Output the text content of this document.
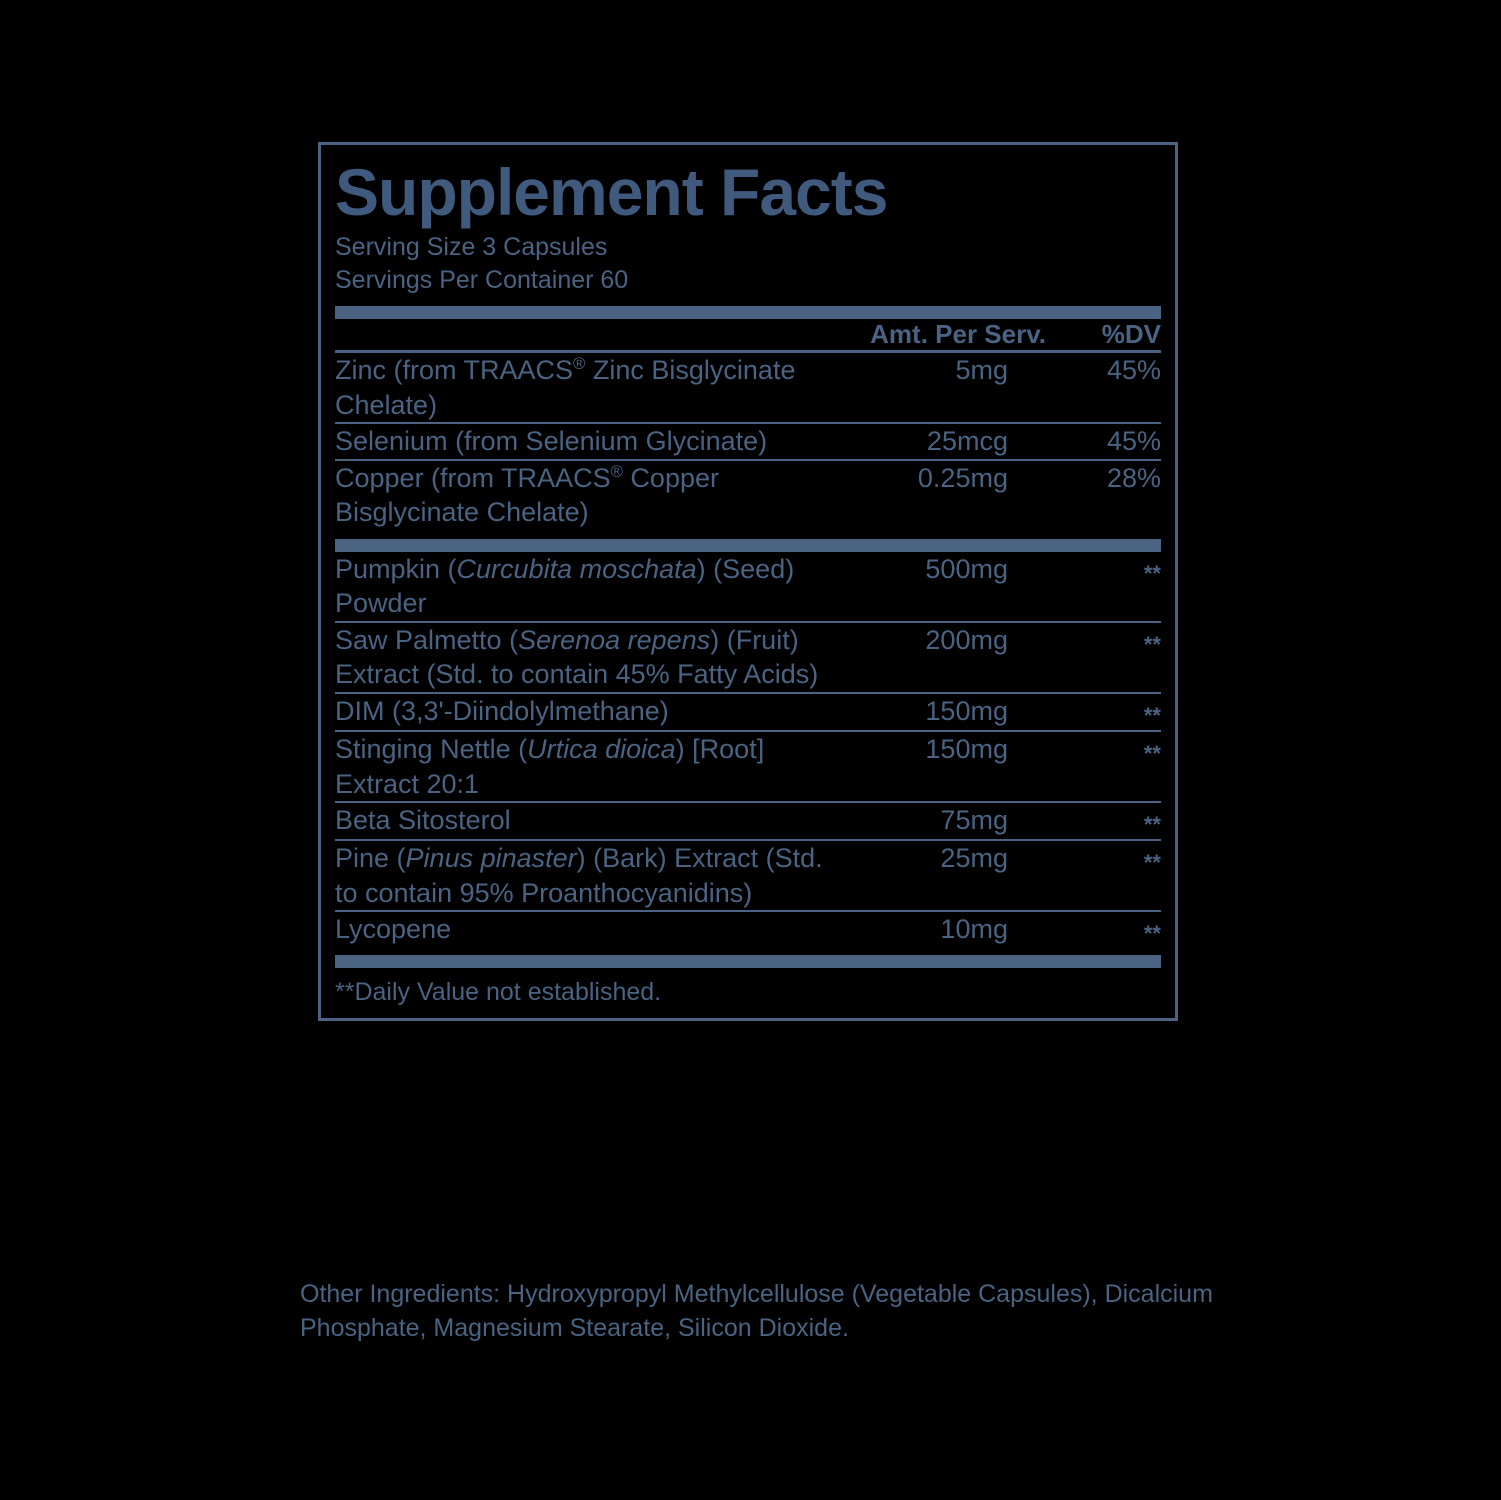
Supplement Facts
Serving Size 3 Capsules
Servings Per Container 60
	Amt. Per Serv.	%DV
Zinc (from TRAACS® Zinc Bisglycinate Chelate)	5mg	45%
Selenium (from Selenium Glycinate)	25mcg	45%
Copper (from TRAACS® Copper Bisglycinate Chelate)	0.25mg	28%
Pumpkin (Curcubita moschata) (Seed) Powder	500mg	**
Saw Palmetto (Serenoa repens) (Fruit) Extract (Std. to contain 45% Fatty Acids)	200mg	**
DIM (3,3'-Diindolylmethane)	150mg	**
Stinging Nettle (Urtica dioica) [Root] Extract 20:1	150mg	**
Beta Sitosterol	75mg	**
Pine (Pinus pinaster) (Bark) Extract (Std. to contain 95% Proanthocyanidins)	25mg	**
Lycopene	10mg	**
**Daily Value not established.
Other Ingredients: Hydroxypropyl Methylcellulose (Vegetable Capsules), Dicalcium Phosphate, Magnesium Stearate, Silicon Dioxide.
